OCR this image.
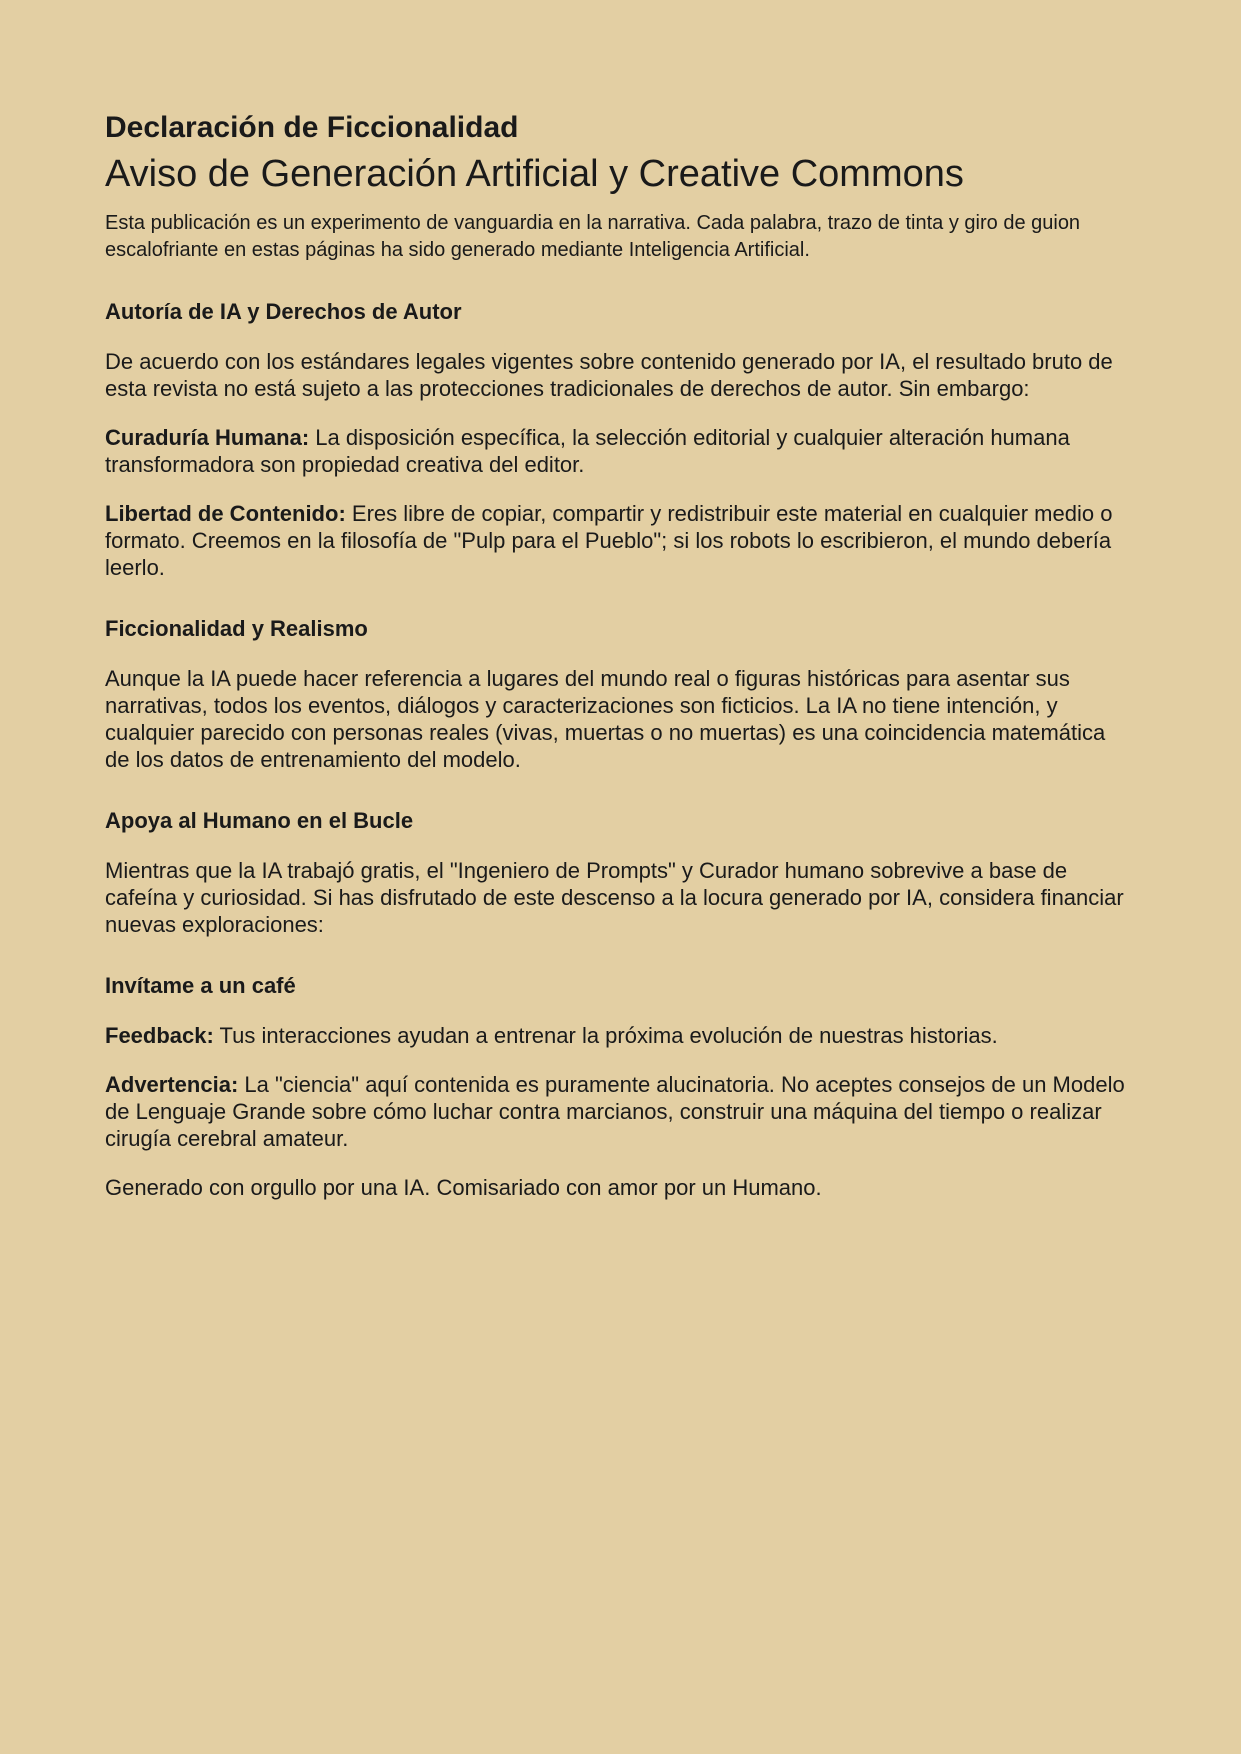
Declaración de Ficcionalidad
Aviso de Generación Artificial y Creative Commons

Esta publicación es un experimento de vanguardia en la narrativa. Cada palabra, trazo de tinta y giro de guion escalofriante en estas páginas ha sido generado mediante Inteligencia Artificial.

Autoría de IA y Derechos de Autor

De acuerdo con los estándares legales vigentes sobre contenido generado por IA, el resultado bruto de esta revista no está sujeto a las protecciones tradicionales de derechos de autor. Sin embargo:

Curaduría Humana: La disposición específica, la selección editorial y cualquier alteración humana transformadora son propiedad creativa del editor.

Libertad de Contenido: Eres libre de copiar, compartir y redistribuir este material en cualquier medio o formato. Creemos en la filosofía de "Pulp para el Pueblo"; si los robots lo escribieron, el mundo debería leerlo.

Ficcionalidad y Realismo

Aunque la IA puede hacer referencia a lugares del mundo real o figuras históricas para asentar sus narrativas, todos los eventos, diálogos y caracterizaciones son ficticios. La IA no tiene intención, y cualquier parecido con personas reales (vivas, muertas o no muertas) es una coincidencia matemática de los datos de entrenamiento del modelo.

Apoya al Humano en el Bucle

Mientras que la IA trabajó gratis, el "Ingeniero de Prompts" y Curador humano sobrevive a base de cafeína y curiosidad. Si has disfrutado de este descenso a la locura generado por IA, considera financiar nuevas exploraciones:

Invítame a un café

Feedback: Tus interacciones ayudan a entrenar la próxima evolución de nuestras historias.

Advertencia: La "ciencia" aquí contenida es puramente alucinatoria. No aceptes consejos de un Modelo de Lenguaje Grande sobre cómo luchar contra marcianos, construir una máquina del tiempo o realizar cirugía cerebral amateur.

Generado con orgullo por una IA. Comisariado con amor por un Humano.
